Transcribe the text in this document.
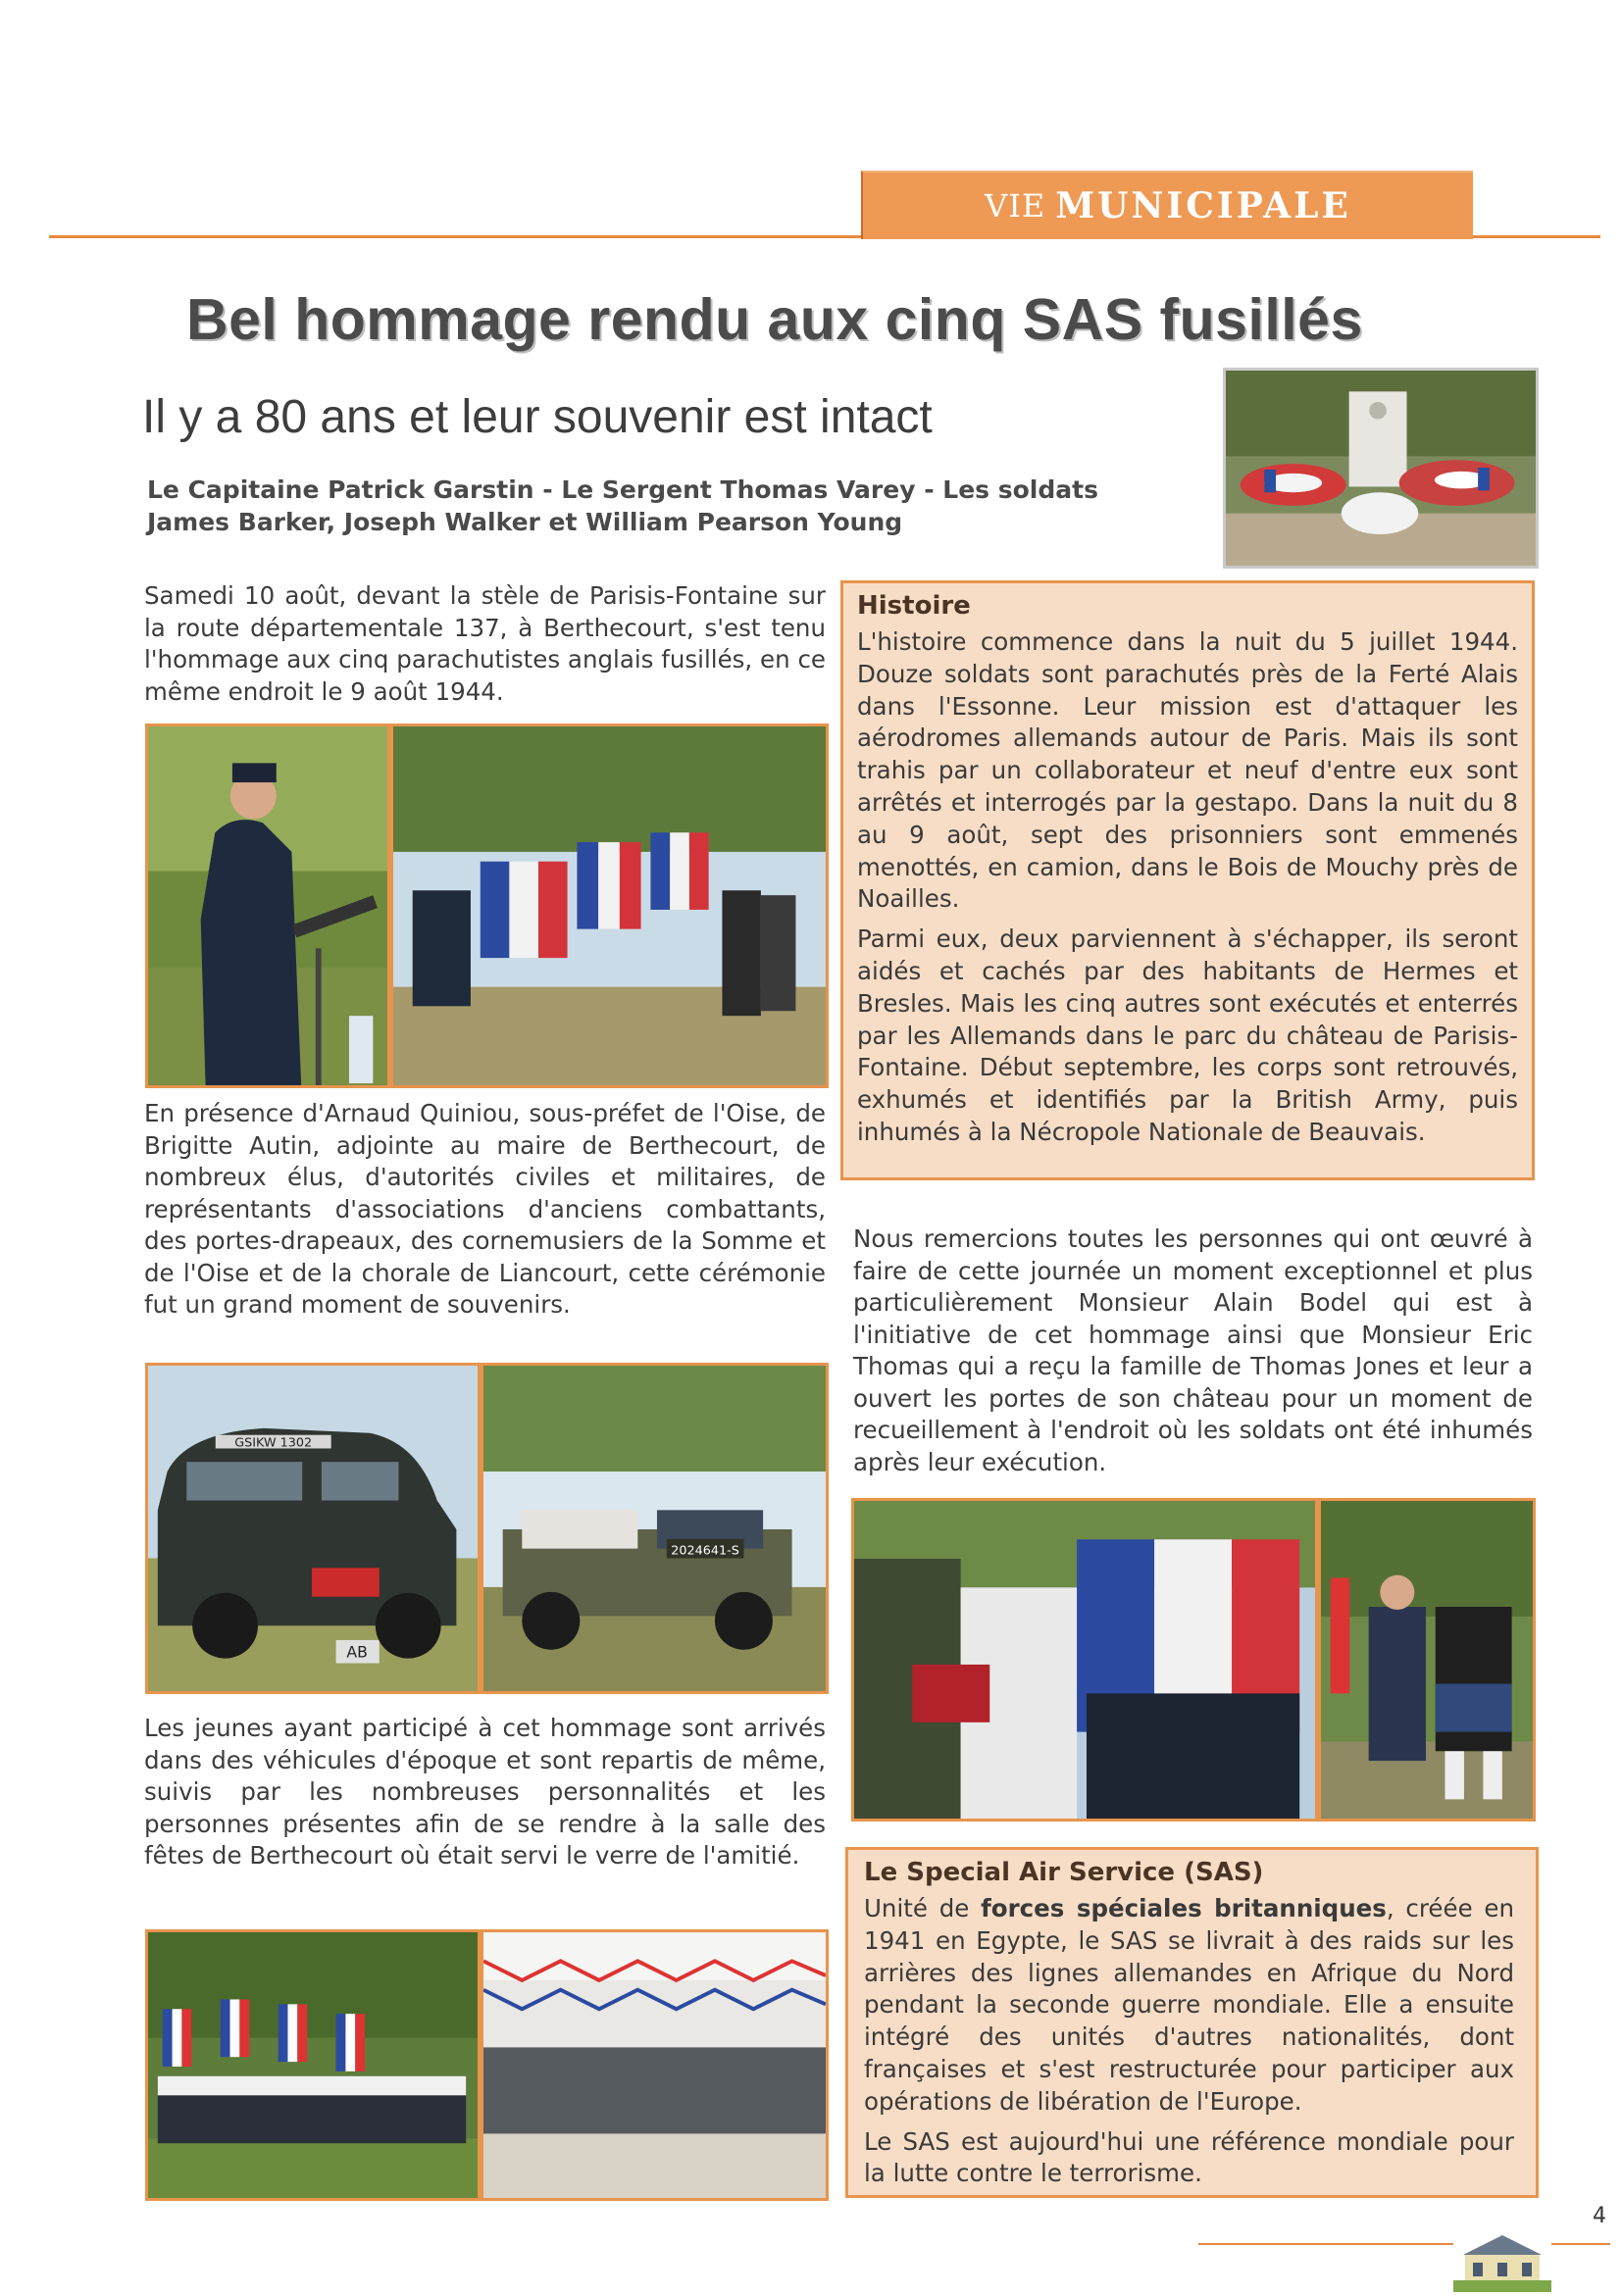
VIE MUNICIPALE
Bel hommage rendu aux cinq SAS fusillés
Il y a 80 ans et leur souvenir est intact
Le Capitaine Patrick Garstin - Le Sergent Thomas Varey - Les soldats
James Barker, Joseph Walker et William Pearson Young
Samedi 10 août, devant la stèle de Parisis-Fontaine sur la route départementale 137, à Berthecourt, s'est tenu l'hommage aux cinq parachutistes anglais fusillés, en ce même endroit le 9 août 1944.
En présence d'Arnaud Quiniou, sous-préfet de l'Oise, de Brigitte Autin, adjointe au maire de Berthecourt, de nombreux élus, d'autorités civiles et militaires, de représentants d'associations d'anciens combattants, des portes-drapeaux, des cornemusiers de la Somme et de l'Oise et de la chorale de Liancourt, cette cérémonie fut un grand moment de souvenirs.
GSIKW 1302
AB
2024641-S
Les jeunes ayant participé à cet hommage sont arrivés dans des véhicules d'époque et sont repartis de même, suivis par les nombreuses personnalités et les personnes présentes afin de se rendre à la salle des fêtes de Berthecourt où était servi le verre de l'amitié.
Histoire

L'histoire commence dans la nuit du 5 juillet 1944. Douze soldats sont parachutés près de la Ferté Alais dans l'Essonne. Leur mission est d'attaquer les aérodromes allemands autour de Paris. Mais ils sont trahis par un collaborateur et neuf d'entre eux sont arrêtés et interrogés par la gestapo. Dans la nuit du 8 au 9 août, sept des prisonniers sont emmenés menottés, en camion, dans le Bois de Mouchy près de Noailles.

Parmi eux, deux parviennent à s'échapper, ils seront aidés et cachés par des habitants de Hermes et Bresles. Mais les cinq autres sont exécutés et enterrés par les Allemands dans le parc du château de Parisis-Fontaine. Début septembre, les corps sont retrouvés, exhumés et identifiés par la British Army, puis inhumés à la Nécropole Nationale de Beauvais.

Nous remercions toutes les personnes qui ont œuvré à faire de cette journée un moment exceptionnel et plus particulièrement Monsieur Alain Bodel qui est à l'initiative de cet hommage ainsi que Monsieur Eric Thomas qui a reçu la famille de Thomas Jones et leur a ouvert les portes de son château pour un moment de recueillement à l'endroit où les soldats ont été inhumés après leur exécution.
Le Special Air Service (SAS)

Unité de forces spéciales britanniques, créée en 1941 en Egypte, le SAS se livrait à des raids sur les arrières des lignes allemandes en Afrique du Nord pendant la seconde guerre mondiale. Elle a ensuite intégré des unités d'autres nationalités, dont françaises et s'est restructurée pour participer aux opérations de libération de l'Europe.

Le SAS est aujourd'hui une référence mondiale pour la lutte contre le terrorisme.

4
